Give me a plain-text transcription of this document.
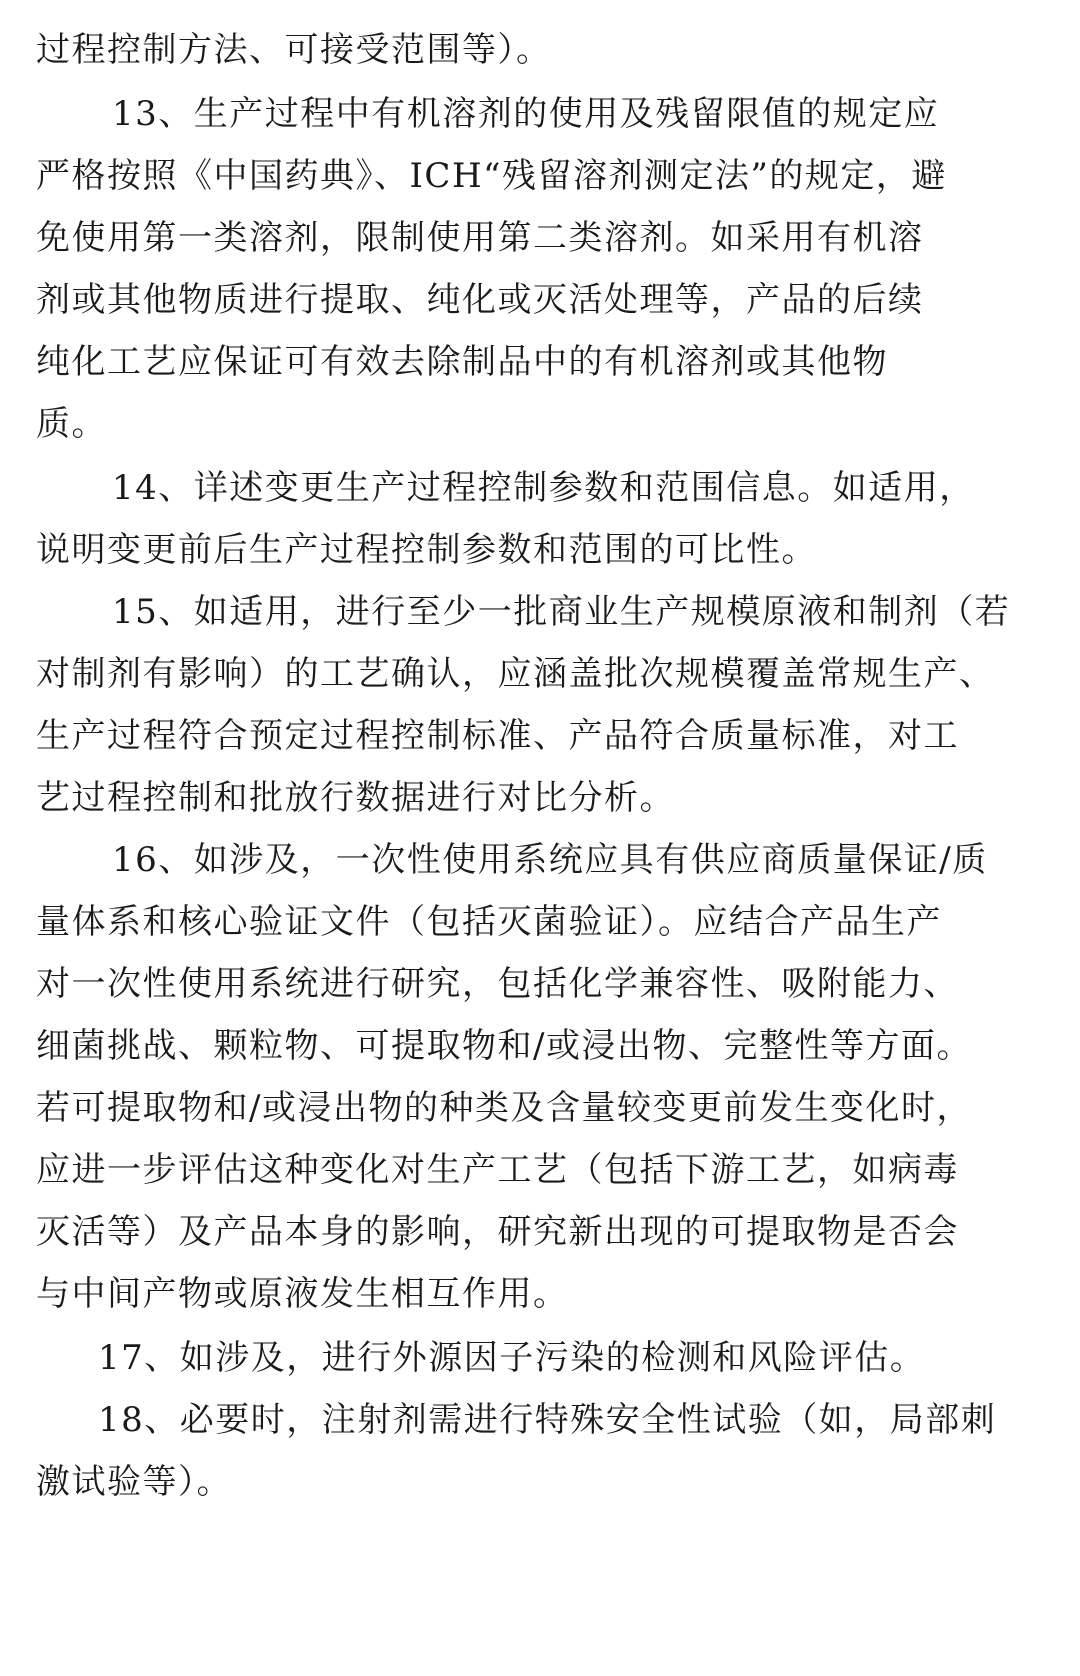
过程控制方法、可接受范围等）。
13、生产过程中有机溶剂的使用及残留限值的规定应
严格按照《中国药典》、ICH“残留溶剂测定法”的规定，避
免使用第一类溶剂，限制使用第二类溶剂。如采用有机溶
剂或其他物质进行提取、纯化或灭活处理等，产品的后续
纯化工艺应保证可有效去除制品中的有机溶剂或其他物
质。
14、详述变更生产过程控制参数和范围信息。如适用，
说明变更前后生产过程控制参数和范围的可比性。
15、如适用，进行至少一批商业生产规模原液和制剂（若
对制剂有影响）的工艺确认，应涵盖批次规模覆盖常规生产、
生产过程符合预定过程控制标准、产品符合质量标准，对工
艺过程控制和批放行数据进行对比分析。
16、如涉及，一次性使用系统应具有供应商质量保证/质
量体系和核心验证文件（包括灭菌验证）。应结合产品生产
对一次性使用系统进行研究，包括化学兼容性、吸附能力、
细菌挑战、颗粒物、可提取物和/或浸出物、完整性等方面。
若可提取物和/或浸出物的种类及含量较变更前发生变化时，
应进一步评估这种变化对生产工艺（包括下游工艺，如病毒
灭活等）及产品本身的影响，研究新出现的可提取物是否会
与中间产物或原液发生相互作用。
17、如涉及，进行外源因子污染的检测和风险评估。
18、必要时，注射剂需进行特殊安全性试验（如，局部刺
激试验等）。
